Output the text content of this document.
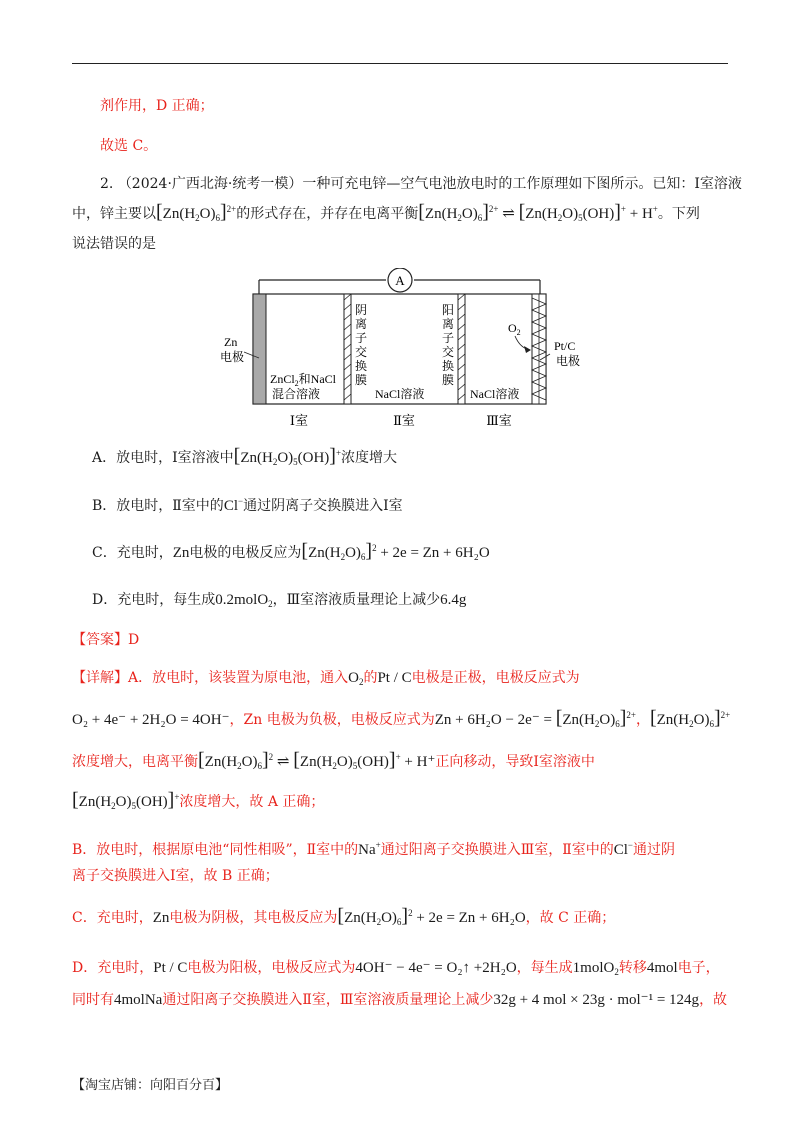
剂作用，D 正确；
故选 C。
2. （2024·广西北海·统考一模）一种可充电锌—空气电池放电时的工作原理如下图所示。已知：Ⅰ室溶液
中，锌主要以$[Zn(H_2O)_6]^{2+}$的形式存在，并存在电离平衡$[Zn(H_2O)_6]^{2+}$ ⇌ $[Zn(H_2O)_5(OH)]^+ + H^+$。下列
说法错误的是
A
Zn
电极
Pt/C
电极
$O_2$
阴
离
子
交
换
膜
阳
离
子
交
换
膜
ZnCl$_2$和NaCl
混合溶液	NaCl溶液	NaCl溶液
Ⅰ室	Ⅱ室	Ⅲ室
A．放电时，Ⅰ室溶液中$[Zn(H_2O)_5(OH)]^+$浓度增大
B．放电时，Ⅱ室中的Cl−通过阴离子交换膜进入Ⅰ室
C．充电时，Zn电极的电极反应为$[Zn(H_2O)_6]^2 + 2e = Zn + 6H_2O$
D．充电时，每生成0.2molO$_2$，Ⅲ室溶液质量理论上减少6.4g
【答案】D
【详解】A．放电时，该装置为原电池，通入$O_2$的Pt / C电极是正极，电极反应式为
O₂ + 4e⁻ + 2H₂O = 4OH⁻，Zn 电极为负极，电极反应式为$Zn + 6H_2O - 2e^- = [Zn(H_2O)_6]^{2+}$，$[Zn(H_2O)_6]^{2+}$
浓度增大，电离平衡$[Zn(H_2O)_6]^2$ ⇌ $[Zn(H_2O)_5(OH)]^+ + H^+$正向移动，导致Ⅰ室溶液中
$[Zn(H_2O)_5(OH)]^+$浓度增大，故 A 正确；
B．放电时，根据原电池“同性相吸”，Ⅱ室中的Na+通过阳离子交换膜进入Ⅲ室，Ⅱ室中的Cl−通过阴
离子交换膜进入Ⅰ室，故 B 正确；
C．充电时，Zn电极为阴极，其电极反应为$[Zn(H_2O)_6]^2 + 2e = Zn + 6H_2O$，故 C 正确；
D．充电时，Pt / C电极为阳极，电极反应式为4OH⁻ − 4e⁻ = O₂↑ +2H₂O，每生成1molO$_2$转移4mol电子，
同时有4molNa通过阳离子交换膜进入Ⅱ室，Ⅲ室溶液质量理论上减少32g + 4 mol × 23g · mol⁻¹ = 124g，故
【淘宝店铺：向阳百分百】
